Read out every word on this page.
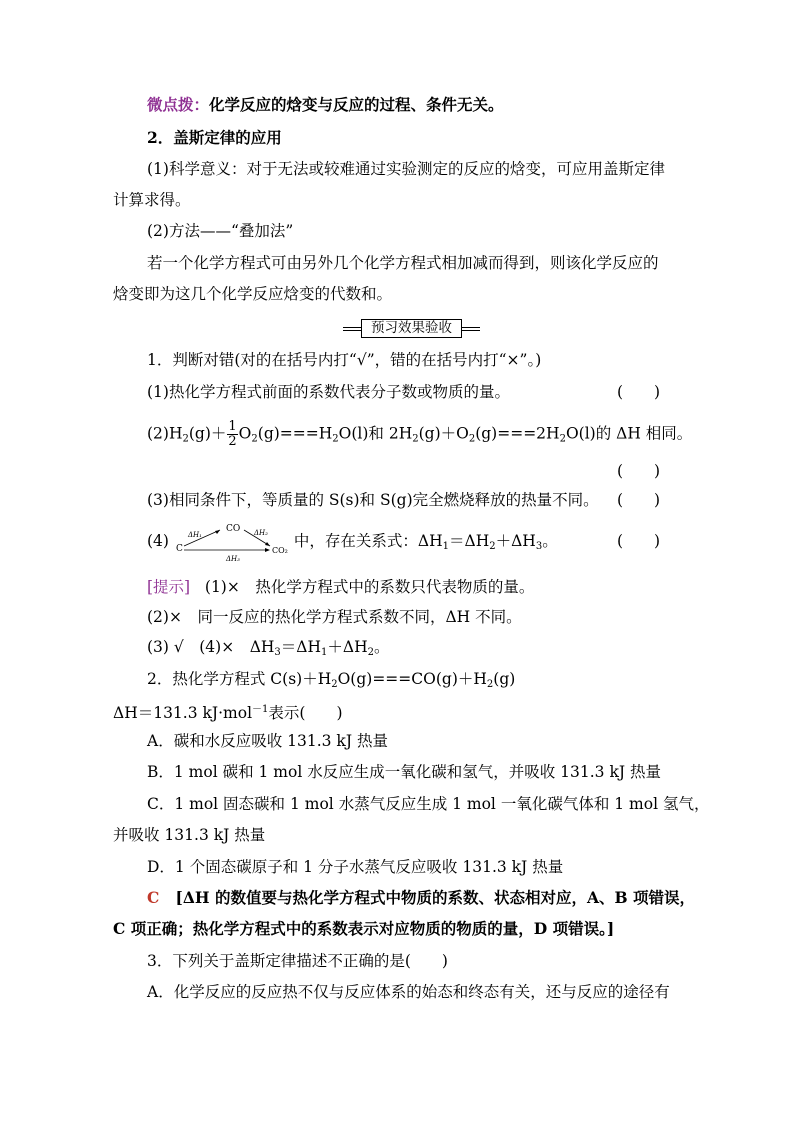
微点拨：化学反应的焓变与反应的过程、条件无关。
2．盖斯定律的应用
(1)科学意义：对于无法或较难通过实验测定的反应的焓变，可应用盖斯定律
计算求得。
(2)方法——“叠加法”
若一个化学方程式可由另外几个化学方程式相加减而得到，则该化学反应的
焓变即为这几个化学反应焓变的代数和。
预习效果验收
1．判断对错(对的在括号内打“√”，错的在括号内打“×”。)
(1)热化学方程式前面的系数代表分子数或物质的量。	(　　)
$(2)H_2(g)+ \frac{1}{2} O_2(g)===H_2O(l)$和 $2H_2(g)+O_2(g)===2H_2O(l)$的 ΔH 相同。
(　　)
(3)相同条件下，等质量的 S(s)和 S(g)完全燃烧释放的热量不同。 (　　)
(4) C
CO
CO₂
ΔH₁	ΔH₂
ΔH₃
中，存在关系式：$\Delta H_1=\Delta H_2+\Delta H_3$。	(　　)
[提示] (1)×　热化学方程式中的系数只代表物质的量。
(2)×　同一反应的热化学方程式系数不同，ΔH 不同。
(3) √　(4)×　$\Delta H_3=\Delta H_1+\Delta H_2$。
2．热化学方程式 $C(s)+H_2O(g)===CO(g)+H_2(g)$
ΔH＝131.3 kJ·mol$^{-1}$表示(　　)
A．碳和水反应吸收 131.3 kJ 热量
B．1 mol 碳和 1 mol 水反应生成一氧化碳和氢气，并吸收 131.3 kJ 热量
C．1 mol 固态碳和 1 mol 水蒸气反应生成 1 mol 一氧化碳气体和 1 mol 氢气，
并吸收 131.3 kJ 热量
D．1 个固态碳原子和 1 分子水蒸气反应吸收 131.3 kJ 热量
C [ΔH 的数值要与热化学方程式中物质的系数、状态相对应，A、B 项错误，
C 项正确；热化学方程式中的系数表示对应物质的物质的量，D 项错误。]
3．下列关于盖斯定律描述不正确的是(　　)
A．化学反应的反应热不仅与反应体系的始态和终态有关，还与反应的途径有
